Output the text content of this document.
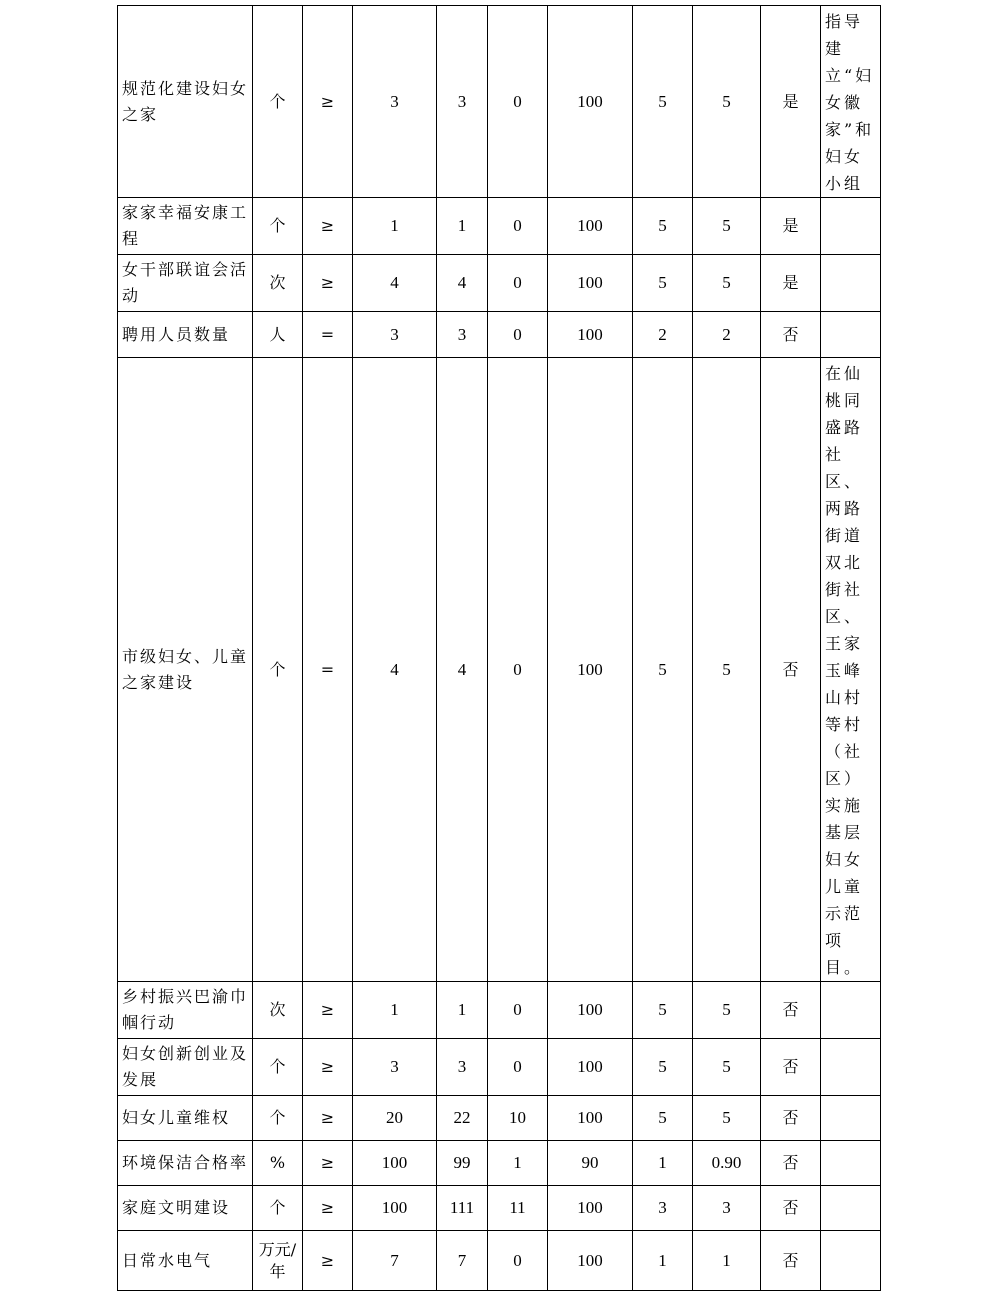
规范化建设妇女之家	个	≥	3	3	0	100	5	5	是	指导建立“妇女徽家”和妇女小组

家家幸福安康工程	个	≥	1	1	0	100	5	5	是	

女干部联谊会活动	次	≥	4	4	0	100	5	5	是	

聘用人员数量	人	=	3	3	0	100	2	2	否	

市级妇女、儿童之家建设	个	=	4	4	0	100	5	5	否	在仙桃同盛路社区、两路街道双北街社区、王家玉峰山村等村（社区）实施基层妇女儿童示范项目。

乡村振兴巴渝巾帼行动	次	≥	1	1	0	100	5	5	否	

妇女创新创业及发展	个	≥	3	3	0	100	5	5	否	

妇女儿童维权	个	≥	20	22	10	100	5	5	否	

环境保洁合格率	%	≥	100	99	1	90	1	0.90	否	

家庭文明建设	个	≥	100	111	11	100	3	3	否	

日常水电气	万元/年	≥	7	7	0	100	1	1	否	
